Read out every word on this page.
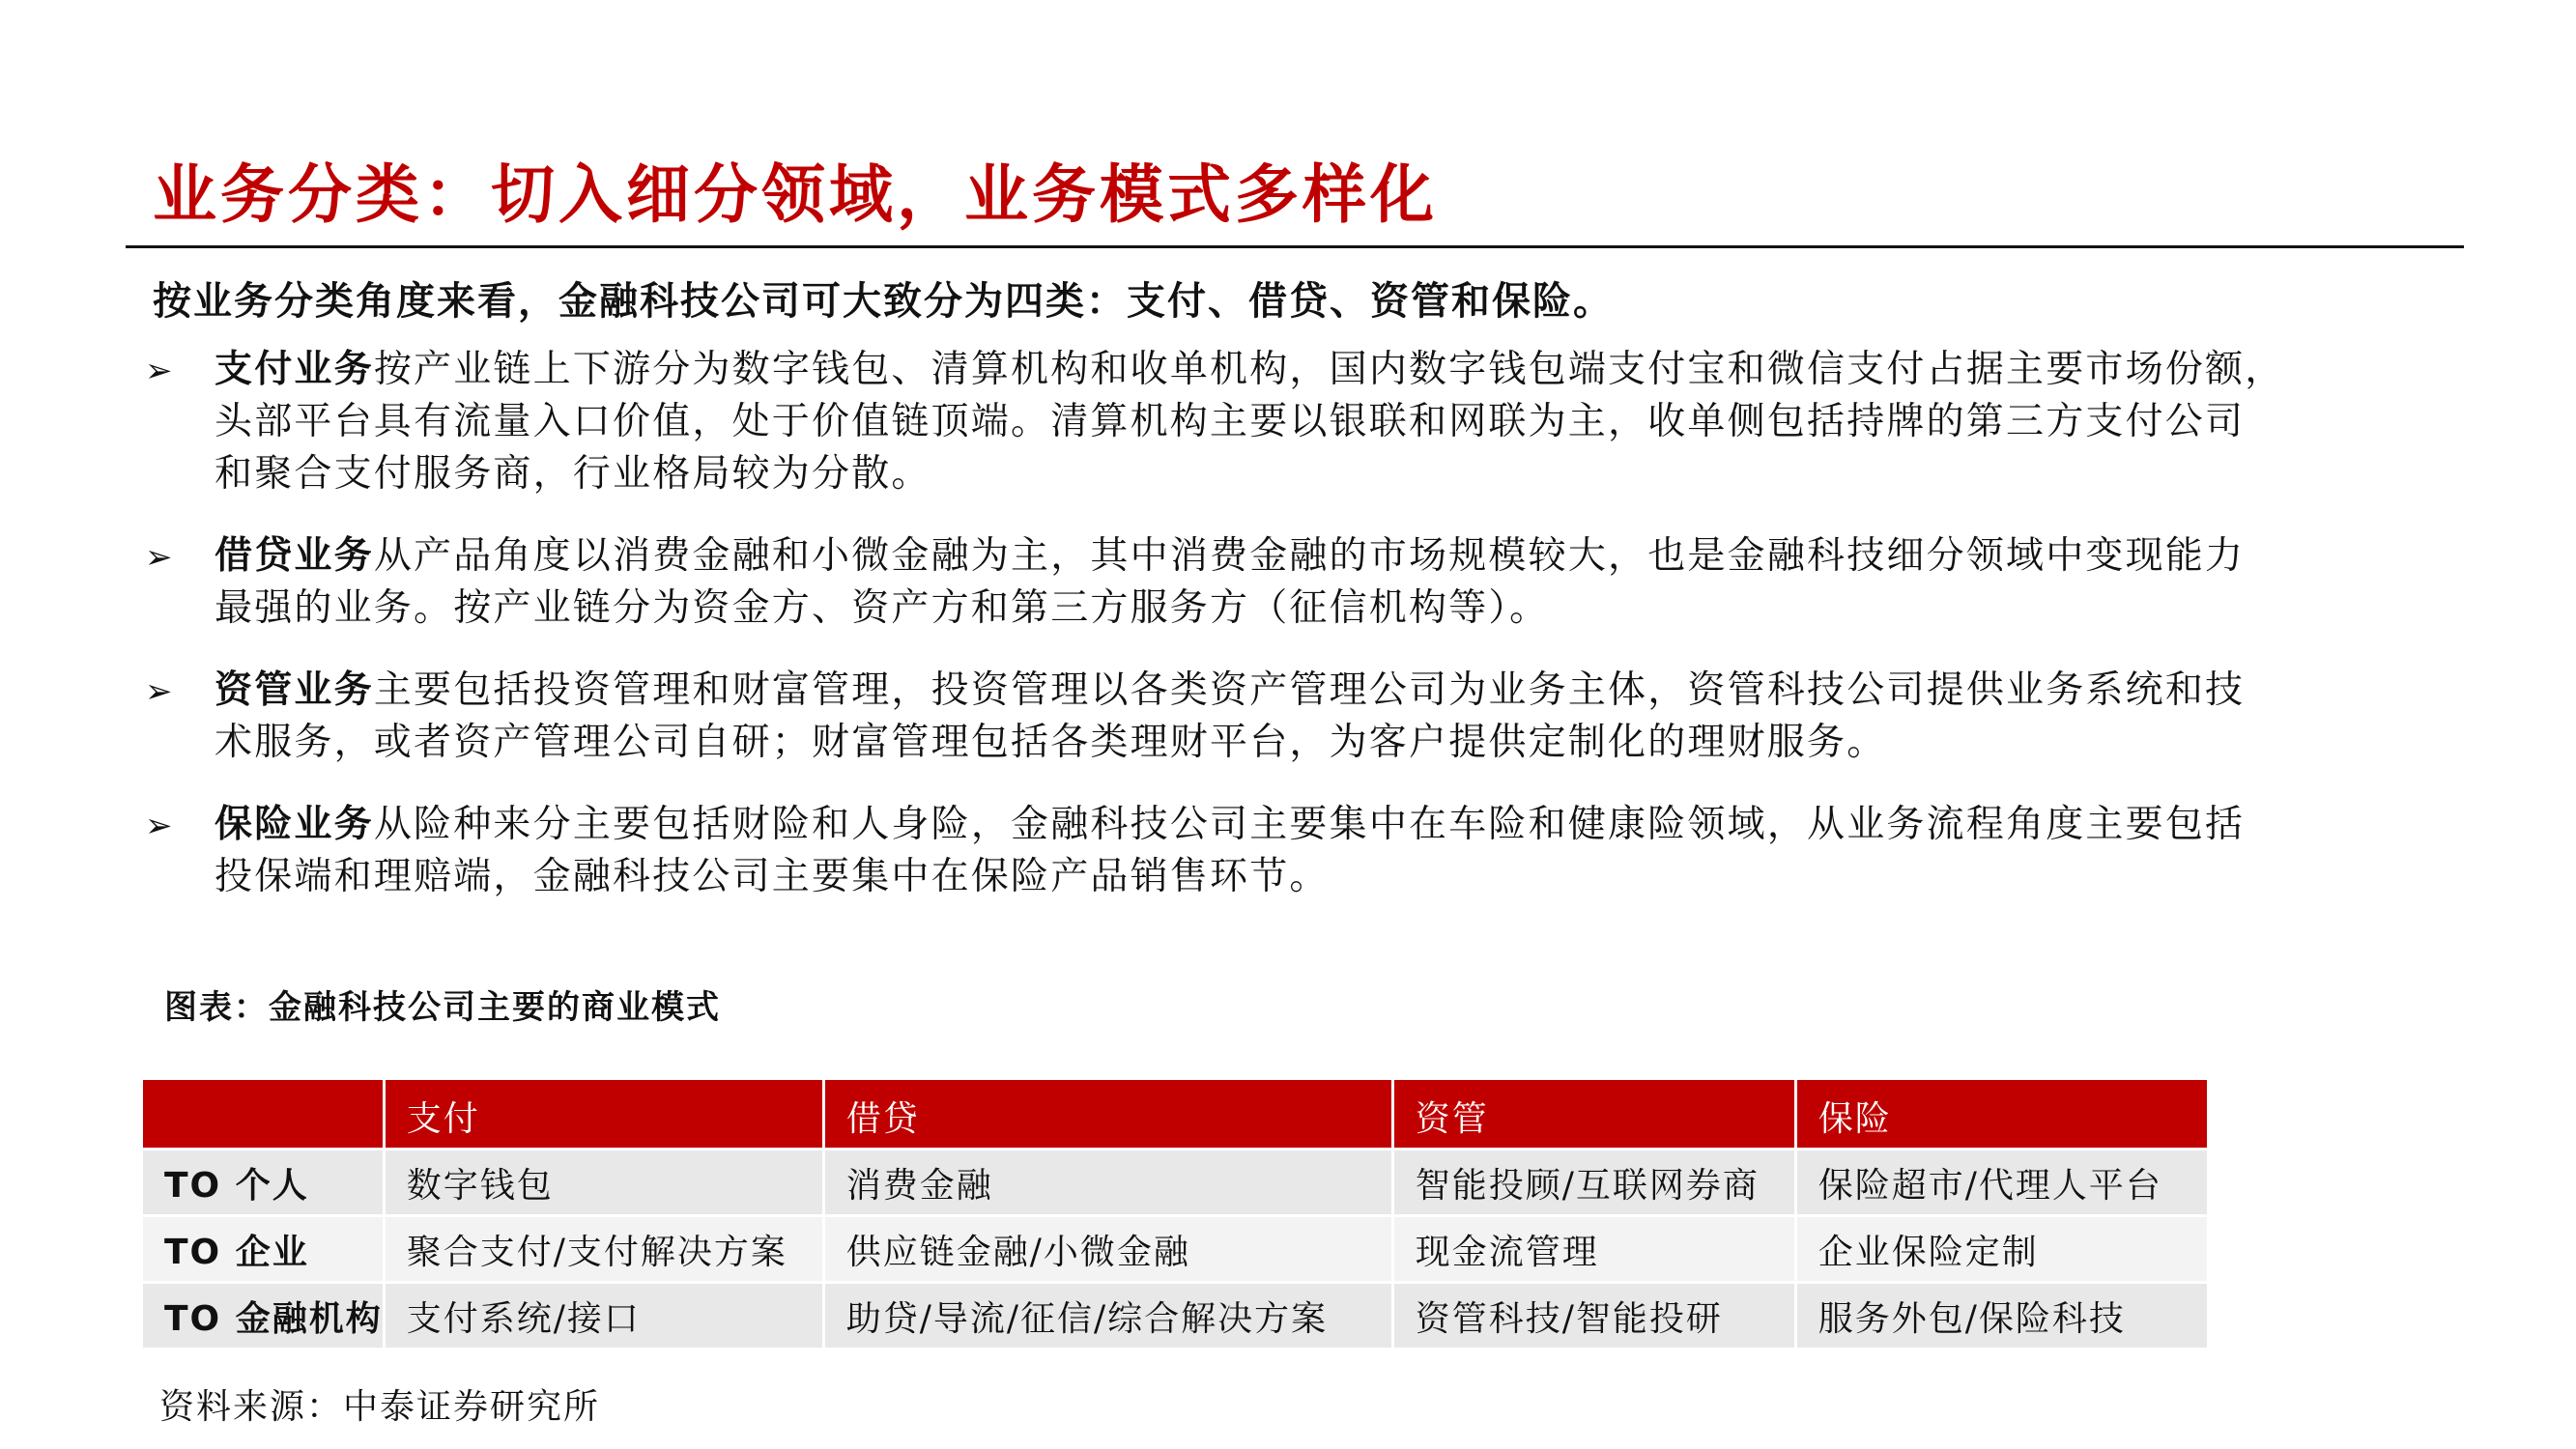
业务分类：切入细分领域，业务模式多样化

按业务分类角度来看，金融科技公司可大致分为四类：支付、借贷、资管和保险。

➢	支付业务按产业链上下游分为数字钱包、清算机构和收单机构，国内数字钱包端支付宝和微信支付占据主要市场份额，
头部平台具有流量入口价值，处于价值链顶端。清算机构主要以银联和网联为主，收单侧包括持牌的第三方支付公司
和聚合支付服务商，行业格局较为分散。
➢	借贷业务从产品角度以消费金融和小微金融为主，其中消费金融的市场规模较大，也是金融科技细分领域中变现能力
最强的业务。按产业链分为资金方、资产方和第三方服务方（征信机构等）。
➢	资管业务主要包括投资管理和财富管理，投资管理以各类资产管理公司为业务主体，资管科技公司提供业务系统和技
术服务，或者资产管理公司自研；财富管理包括各类理财平台，为客户提供定制化的理财服务。
➢	保险业务从险种来分主要包括财险和人身险，金融科技公司主要集中在车险和健康险领域，从业务流程角度主要包括
投保端和理赔端，金融科技公司主要集中在保险产品销售环节。

图表：金融科技公司主要的商业模式

	支付	借贷	资管	保险
TO 个人	数字钱包	消费金融	智能投顾/互联网券商	保险超市/代理人平台
TO 企业	聚合支付/支付解决方案	供应链金融/小微金融	现金流管理	企业保险定制
TO 金融机构	支付系统/接口	助贷/导流/征信/综合解决方案	资管科技/智能投研	服务外包/保险科技

资料来源：中泰证券研究所
